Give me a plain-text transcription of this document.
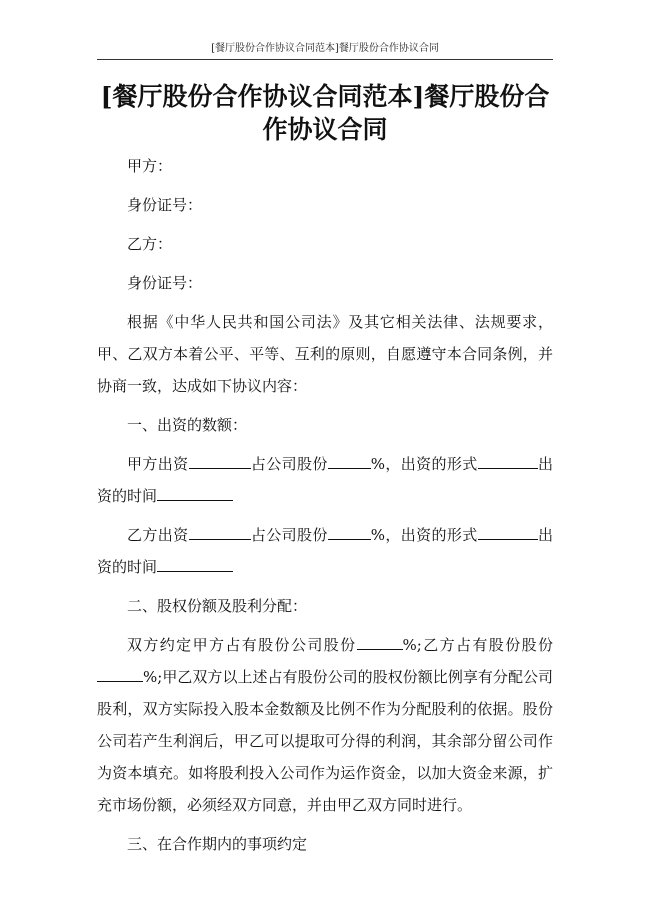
[餐厅股份合作协议合同范本]餐厅股份合作协议合同
[餐厅股份合作协议合同范本]餐厅股份合作协议合同

甲方：

身份证号：

乙方：

身份证号：

根据《中华人民共和国公司法》及其它相关法律、法规要求，甲、乙双方本着公平、平等、互利的原则，自愿遵守本合同条例，并协商一致，达成如下协议内容：

一、出资的数额：

甲方出资	占公司股份	%，出资的形式	出资的时间

乙方出资	占公司股份	%，出资的形式	出资的时间

二、股权份额及股利分配：

双方约定甲方占有股份公司股份	%;乙方占有股份股份%;甲乙双方以上述占有股份公司的股权份额比例享有分配公司股利，双方实际投入股本金数额及比例不作为分配股利的依据。股份公司若产生利润后，甲乙可以提取可分得的利润，其余部分留公司作为资本填充。如将股利投入公司作为运作资金，以加大资金来源，扩充市场份额，必须经双方同意，并由甲乙双方同时进行。

三、在合作期内的事项约定
